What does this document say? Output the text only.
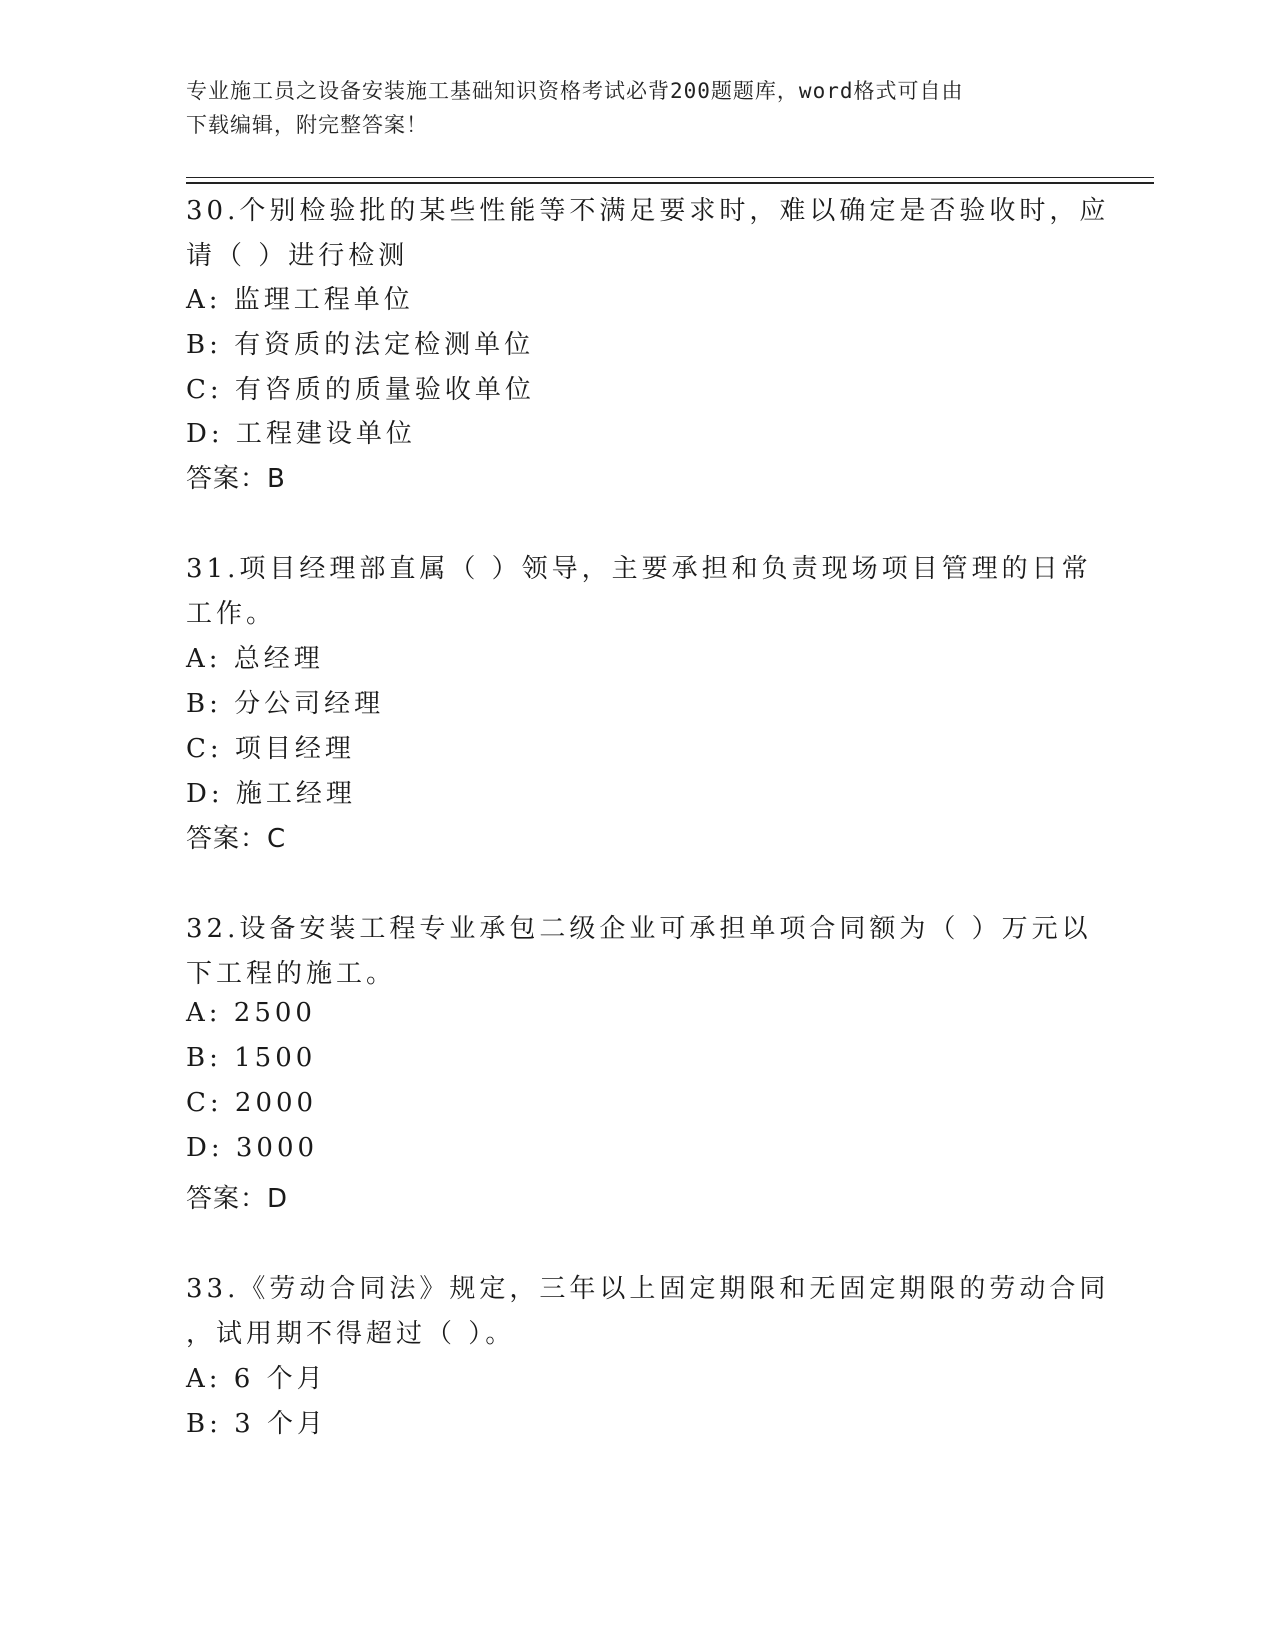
专业施工员之设备安装施工基础知识资格考试必背200题题库，word格式可自由
下载编辑，附完整答案！
30.个别检验批的某些性能等不满足要求时，难以确定是否验收时，应
请（ ）进行检测
A: 监理工程单位
B: 有资质的法定检测单位
C: 有咨质的质量验收单位
D: 工程建设单位
答案：B
31.项目经理部直属（ ）领导，主要承担和负责现场项目管理的日常
工作。
A: 总经理
B: 分公司经理
C: 项目经理
D: 施工经理
答案：C
32.设备安装工程专业承包二级企业可承担单项合同额为（ ）万元以
下工程的施工。
A: 2500
B: 1500
C: 2000
D: 3000
答案：D
33.《劳动合同法》规定，三年以上固定期限和无固定期限的劳动合同
，试用期不得超过（ ）。
A: 6 个月
B: 3 个月
